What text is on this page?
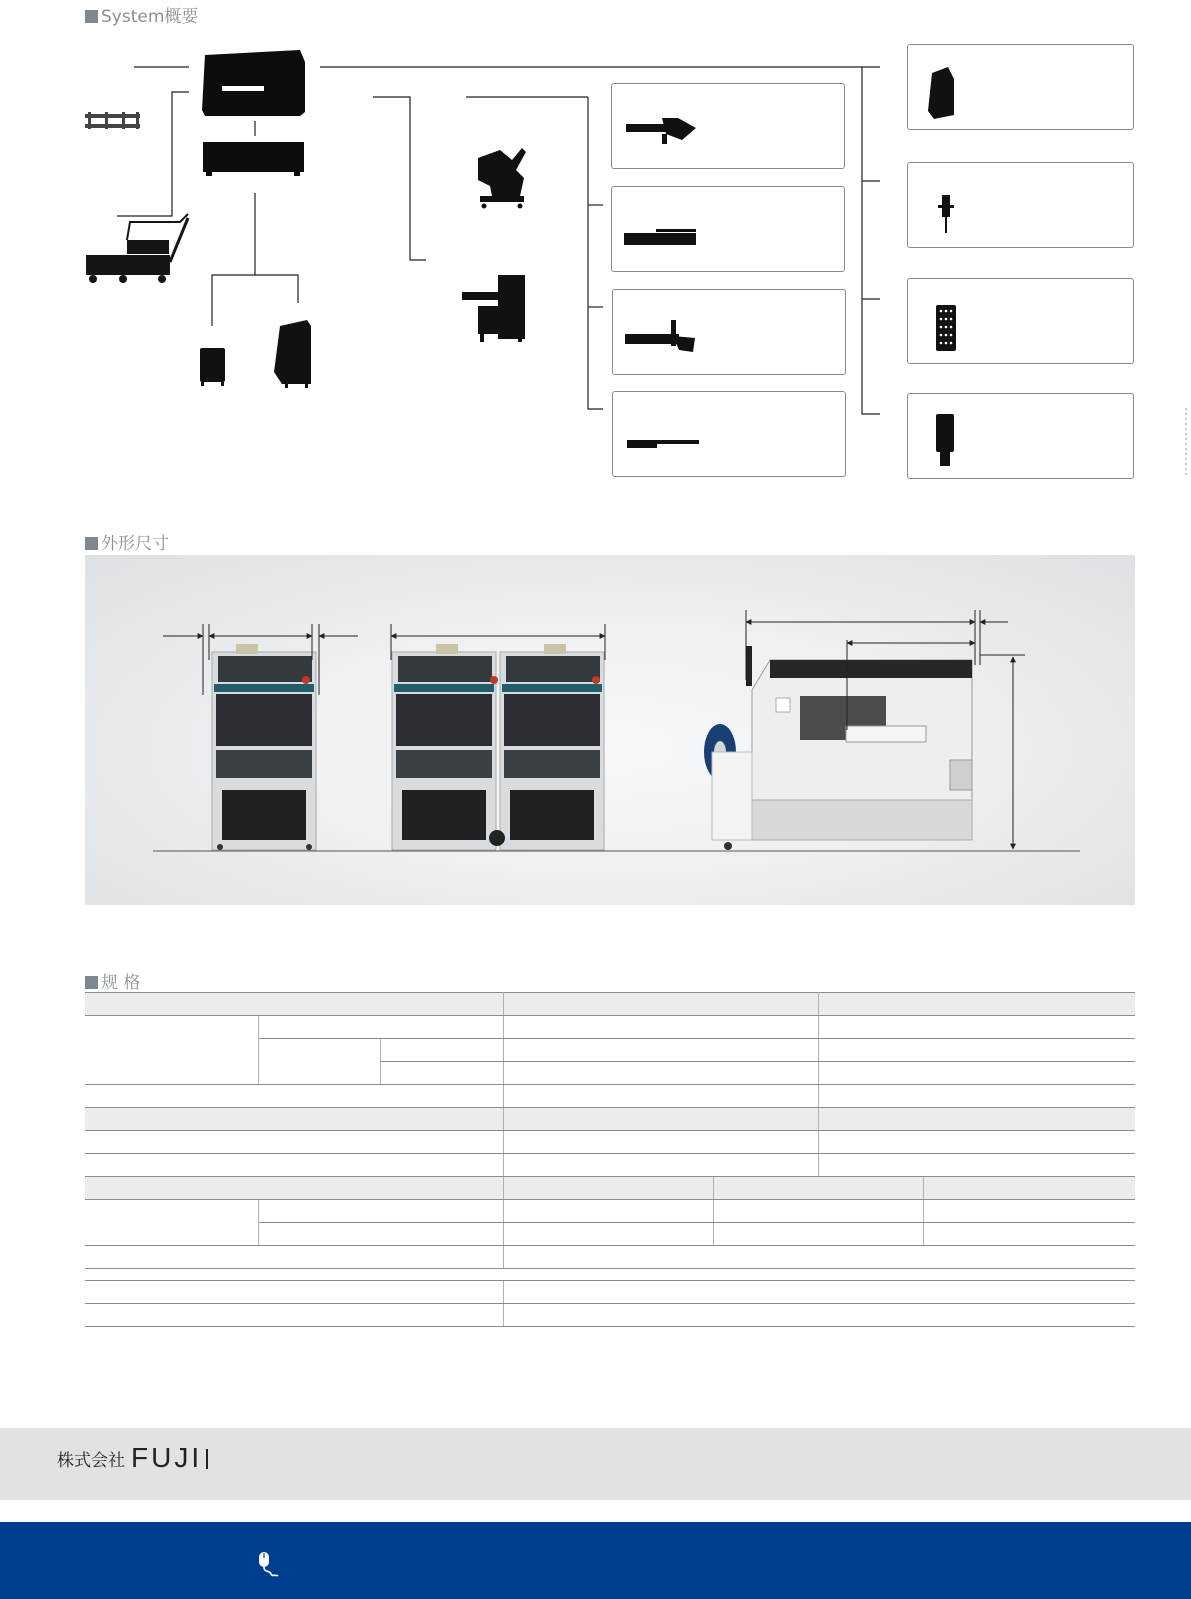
System概要
外形尺寸
规 格

株式会社 FUJI
